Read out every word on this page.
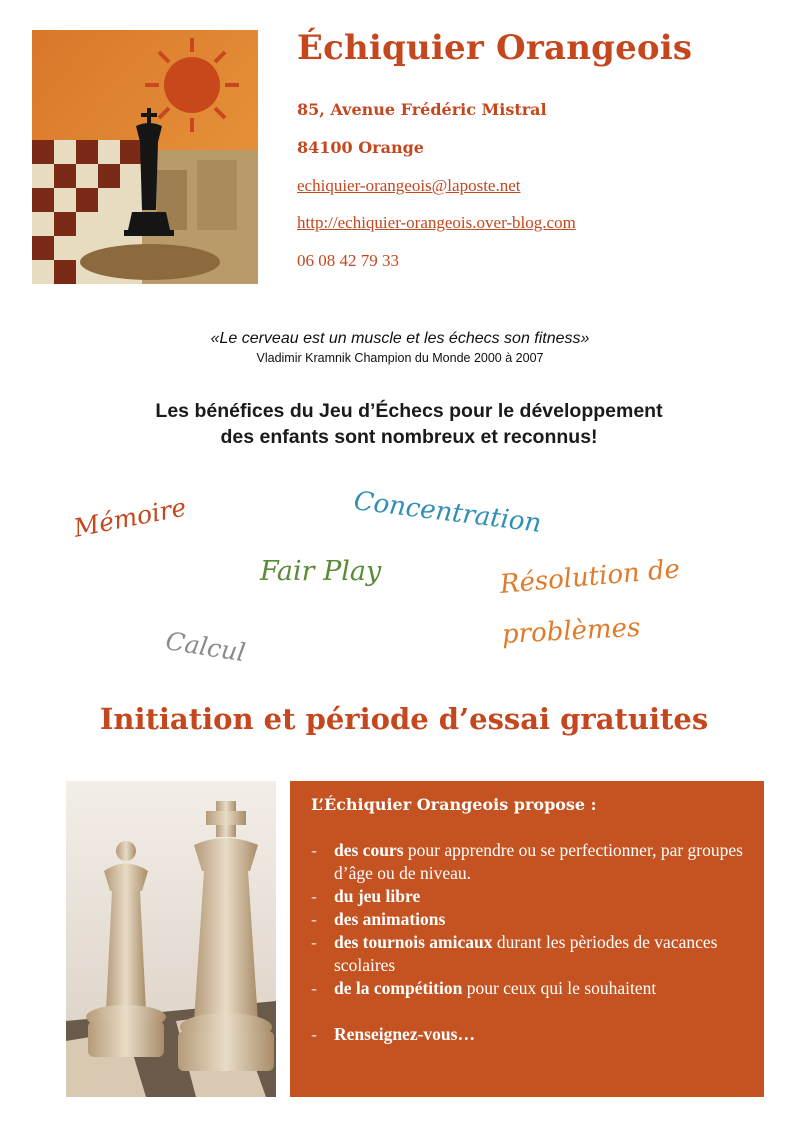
Échiquier Orangeois
85, Avenue Frédéric Mistral
84100 Orange
echiquier-orangeois@laposte.net
http://echiquier-orangeois.over-blog.com
06 08 42 79 33
«Le cerveau est un muscle et les échecs son fitness»
Vladimir Kramnik Champion du Monde 2000 à 2007
Les bénéfices du Jeu d’Échecs pour le développement
des enfants sont nombreux et reconnus!
Mémoire	Concentration
Fair Play	Résolution de
problèmes
Calcul
Initiation et période d’essai gratuites
L’Échiquier Orangeois propose :
- des cours pour apprendre ou se perfectionner, par groupes d’âge ou de niveau.
- du jeu libre
- des animations
- des tournois amicaux durant les pèriodes de vacances scolaires
- de la compétition pour ceux qui le souhaitent
- Renseignez-vous…
